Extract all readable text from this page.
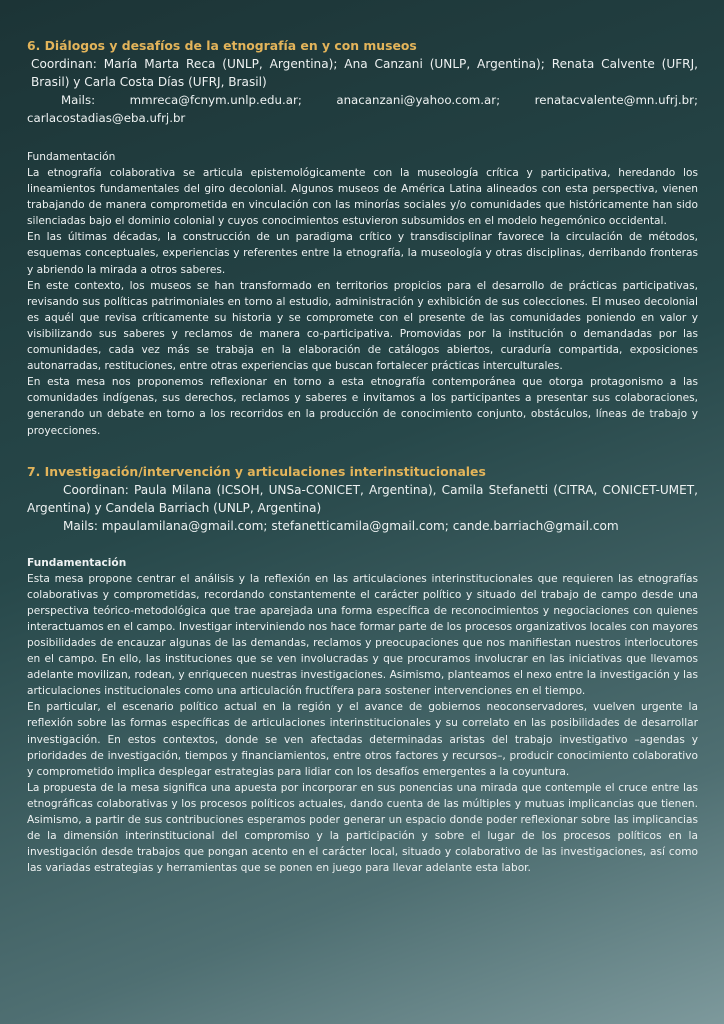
6. Diálogos y desafíos de la etnografía en y con museos

Coordinan: María Marta Reca (UNLP, Argentina); Ana Canzani (UNLP, Argentina); Renata Calvente (UFRJ, Brasil) y Carla Costa Días (UFRJ, Brasil)

Mails:	mmreca@fcnym.unlp.edu.ar;	anacanzani@yahoo.com.ar;	renatacvalente@mn.ufrj.br;
carlacostadias@eba.ufrj.br

Fundamentación

La etnografía colaborativa se articula epistemológicamente con la museología crítica y participativa, heredando los lineamientos fundamentales del giro decolonial. Algunos museos de América Latina alineados con esta perspectiva, vienen trabajando de manera comprometida en vinculación con las minorías sociales y/o comunidades que históricamente han sido silenciadas bajo el dominio colonial y cuyos conocimientos estuvieron subsumidos en el modelo hegemónico occidental.

En las últimas décadas, la construcción de un paradigma crítico y transdisciplinar favorece la circulación de métodos, esquemas conceptuales, experiencias y referentes entre la etnografía, la museología y otras disciplinas, derribando fronteras y abriendo la mirada a otros saberes.

En este contexto, los museos se han transformado en territorios propicios para el desarrollo de prácticas participativas, revisando sus políticas patrimoniales en torno al estudio, administración y exhibición de sus colecciones. El museo decolonial es aquél que revisa críticamente su historia y se compromete con el presente de las comunidades poniendo en valor y visibilizando sus saberes y reclamos de manera co-participativa. Promovidas por la institución o demandadas por las comunidades, cada vez más se trabaja en la elaboración de catálogos abiertos, curaduría compartida, exposiciones autonarradas, restituciones, entre otras experiencias que buscan fortalecer prácticas interculturales.

En esta mesa nos proponemos reflexionar en torno a esta etnografía contemporánea que otorga protagonismo a las comunidades indígenas, sus derechos, reclamos y saberes e invitamos a los participantes a presentar sus colaboraciones, generando un debate en torno a los recorridos en la producción de conocimiento conjunto, obstáculos, líneas de trabajo y proyecciones.

7. Investigación/intervención y articulaciones interinstitucionales

Coordinan: Paula Milana (ICSOH, UNSa-CONICET, Argentina), Camila Stefanetti (CITRA, CONICET-UMET, Argentina) y Candela Barriach (UNLP, Argentina)

Mails: mpaulamilana@gmail.com; stefanetticamila@gmail.com; cande.barriach@gmail.com

Fundamentación

Esta mesa propone centrar el análisis y la reflexión en las articulaciones interinstitucionales que requieren las etnografías colaborativas y comprometidas, recordando constantemente el carácter político y situado del trabajo de campo desde una perspectiva teórico-metodológica que trae aparejada una forma específica de reconocimientos y negociaciones con quienes interactuamos en el campo. Investigar interviniendo nos hace formar parte de los procesos organizativos locales con mayores posibilidades de encauzar algunas de las demandas, reclamos y preocupaciones que nos manifiestan nuestros interlocutores en el campo. En ello, las instituciones que se ven involucradas y que procuramos involucrar en las iniciativas que llevamos adelante movilizan, rodean, y enriquecen nuestras investigaciones. Asimismo, planteamos el nexo entre la investigación y las articulaciones institucionales como una articulación fructífera para sostener intervenciones en el tiempo.

En particular, el escenario político actual en la región y el avance de gobiernos neoconservadores, vuelven urgente la reflexión sobre las formas específicas de articulaciones interinstitucionales y su correlato en las posibilidades de desarrollar investigación. En estos contextos, donde se ven afectadas determinadas aristas del trabajo investigativo –agendas y prioridades de investigación, tiempos y financiamientos, entre otros factores y recursos–, producir conocimiento colaborativo y comprometido implica desplegar estrategias para lidiar con los desafíos emergentes a la coyuntura.

La propuesta de la mesa significa una apuesta por incorporar en sus ponencias una mirada que contemple el cruce entre las etnográficas colaborativas y los procesos políticos actuales, dando cuenta de las múltiples y mutuas implicancias que tienen. Asimismo, a partir de sus contribuciones esperamos poder generar un espacio donde poder reflexionar sobre las implicancias de la dimensión interinstitucional del compromiso y la participación y sobre el lugar de los procesos políticos en la investigación desde trabajos que pongan acento en el carácter local, situado y colaborativo de las investigaciones, así como las variadas estrategias y herramientas que se ponen en juego para llevar adelante esta labor.
